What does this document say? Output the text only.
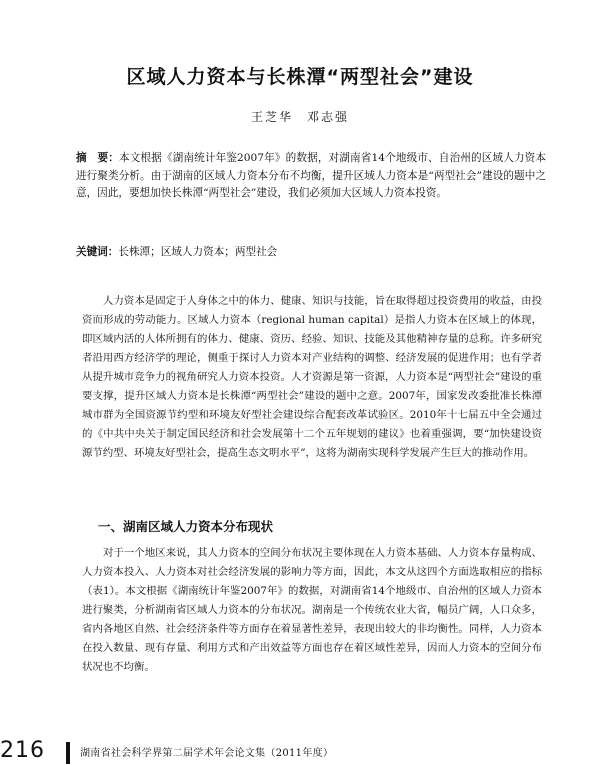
区域人力资本与长株潭“两型社会”建设
王芝华　邓志强
摘　要：本文根据《湖南统计年鉴2007年》的数据，对湖南省14个地级市、自治州的区域人力资本进行聚类分析。由于湖南的区域人力资本分布不均衡，提升区域人力资本是“两型社会”建设的题中之意，因此，要想加快长株潭“两型社会”建设，我们必须加大区域人力资本投资。
关键词：长株潭；区域人力资本；两型社会

人力资本是固定于人身体之中的体力、健康、知识与技能，旨在取得超过投资费用的收益，由投资而形成的劳动能力。区域人力资本（regional human capital）是指人力资本在区域上的体现，即区域内活的人体所拥有的体力、健康、资历、经验、知识、技能及其他精神存量的总称。许多研究者沿用西方经济学的理论，侧重于探讨人力资本对产业结构的调整、经济发展的促进作用；也有学者从提升城市竞争力的视角研究人力资本投资。人才资源是第一资源，人力资本是“两型社会”建设的重要支撑，提升区域人力资本是长株潭“两型社会”建设的题中之意。2007年，国家发改委批准长株潭城市群为全国资源节约型和环境友好型社会建设综合配套改革试验区。2010年十七届五中全会通过的《中共中央关于制定国民经济和社会发展第十二个五年规划的建议》也着重强调，要“加快建设资源节约型、环境友好型社会，提高生态文明水平”，这将为湖南实现科学发展产生巨大的推动作用。

一、湖南区域人力资本分布现状

对于一个地区来说，其人力资本的空间分布状况主要体现在人力资本基础、人力资本存量构成、人力资本投入、人力资本对社会经济发展的影响力等方面，因此，本文从这四个方面选取相应的指标（表1）。本文根据《湖南统计年鉴2007年》的数据，对湖南省14个地级市、自治州的区域人力资本进行聚类，分析湖南省区域人力资本的分布状况。湖南是一个传统农业大省，幅员广阔，人口众多，省内各地区自然、社会经济条件等方面存在着显著性差异，表现出较大的非均衡性。同样，人力资本在投入数量、现有存量、利用方式和产出效益等方面也存在着区域性差异，因而人力资本的空间分布状况也不均衡。

216	湖南省社会科学界第二届学术年会论文集（2011年度）
